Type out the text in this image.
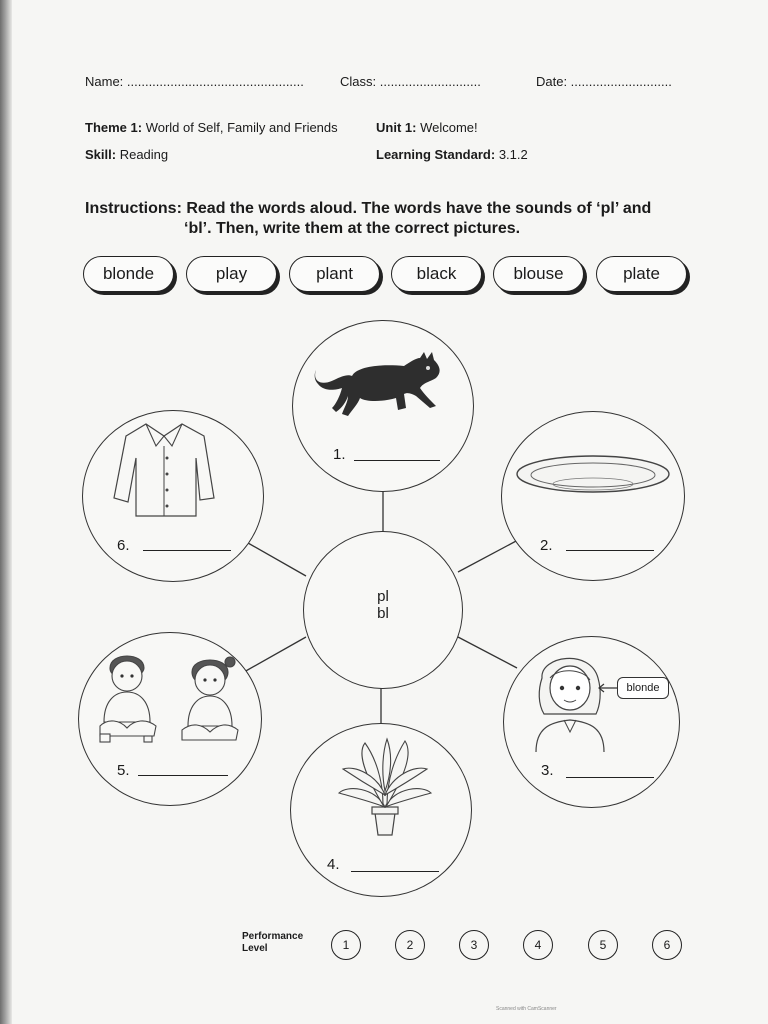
Name: .................................................	Class: ............................	Date: ............................
Theme 1: World of Self, Family and Friends	Unit 1: Welcome!
Skill: Reading	Learning Standard: 3.1.2
Instructions: Read the words aloud. The words have the sounds of ‘pl’ and
‘bl’. Then, write them at the correct pictures.
blonde	play	plant	black	blouse	plate
pl
bl
1.
2.
blonde
3.
4.
5.
6.
Performance
Level	1	2	3	4	5	6
Scanned with CamScanner
